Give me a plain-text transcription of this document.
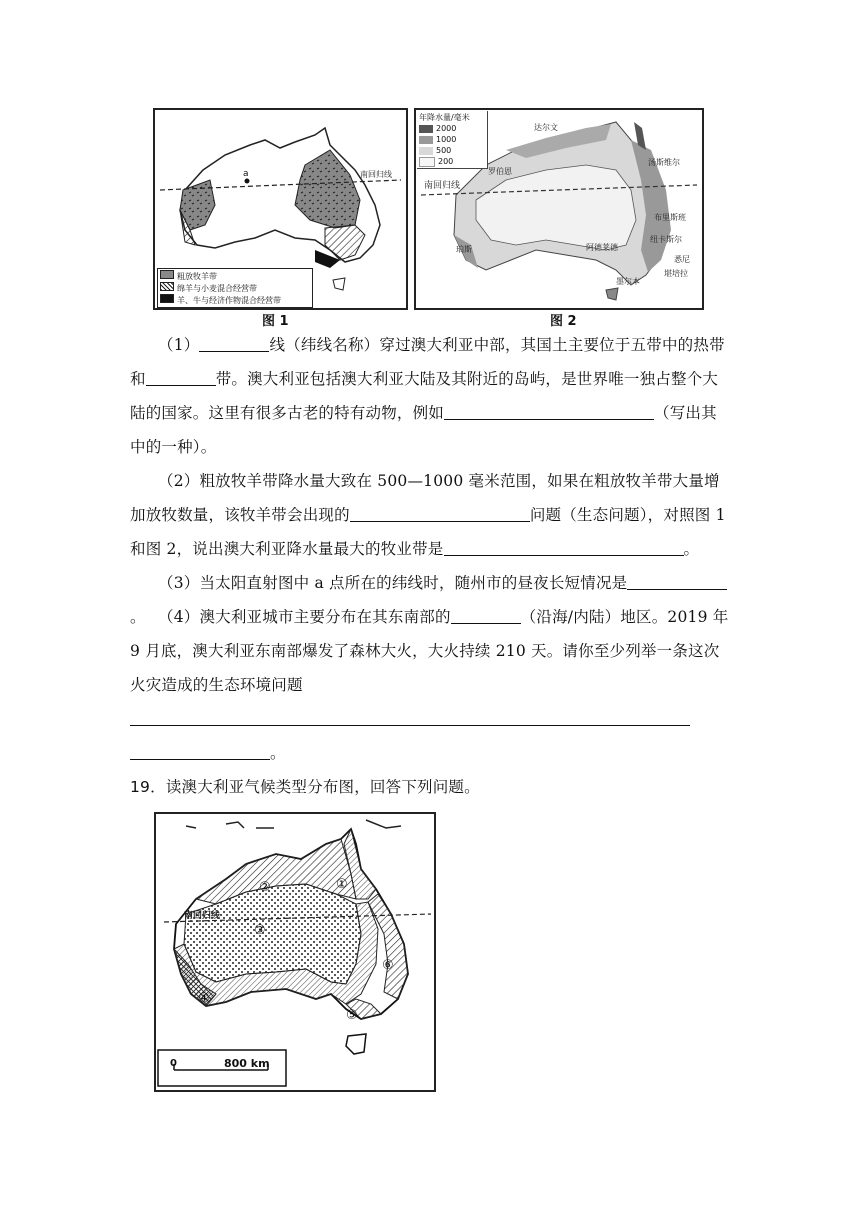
a	南回归线
粗放牧羊带
绵羊与小麦混合经营带
羊、牛与经济作物混合经营带
图 1
南回归线
达尔文
汤斯维尔
罗伯恩
布里斯班
珀斯	阿德莱德
纽卡斯尔
悉尼
堪培拉
墨尔本
年降水量/毫米
2000
1000
500
200
图 2
（1）	线（纬线名称）穿过澳大利亚中部，其国土主要位于五带中的热带和	带。澳大利亚包括澳大利亚大陆及其附近的岛屿，是世界唯一独占整个大陆的国家。这里有很多古老的特有动物，例如	（写出其中的一种）。
（2）粗放牧羊带降水量大致在 500—1000 毫米范围，如果在粗放牧羊带大量增加放牧数量，该牧羊带会出现的	问题（生态问题），对照图 1 和图 2，说出澳大利亚降水量最大的牧业带是	。
（3）当太阳直射图中 a 点所在的纬线时，随州市的昼夜长短情况是。 （4）澳大利亚城市主要分布在其东南部的	（沿海/内陆）地区。2019 年 9 月底，澳大利亚东南部爆发了森林大火，大火持续 210 天。请你至少列举一条这次火灾造成的生态环境问题。
19．读澳大利亚气候类型分布图，回答下列问题。
南回归线
①
②
③
④
⑤
⑥
0	800 km
